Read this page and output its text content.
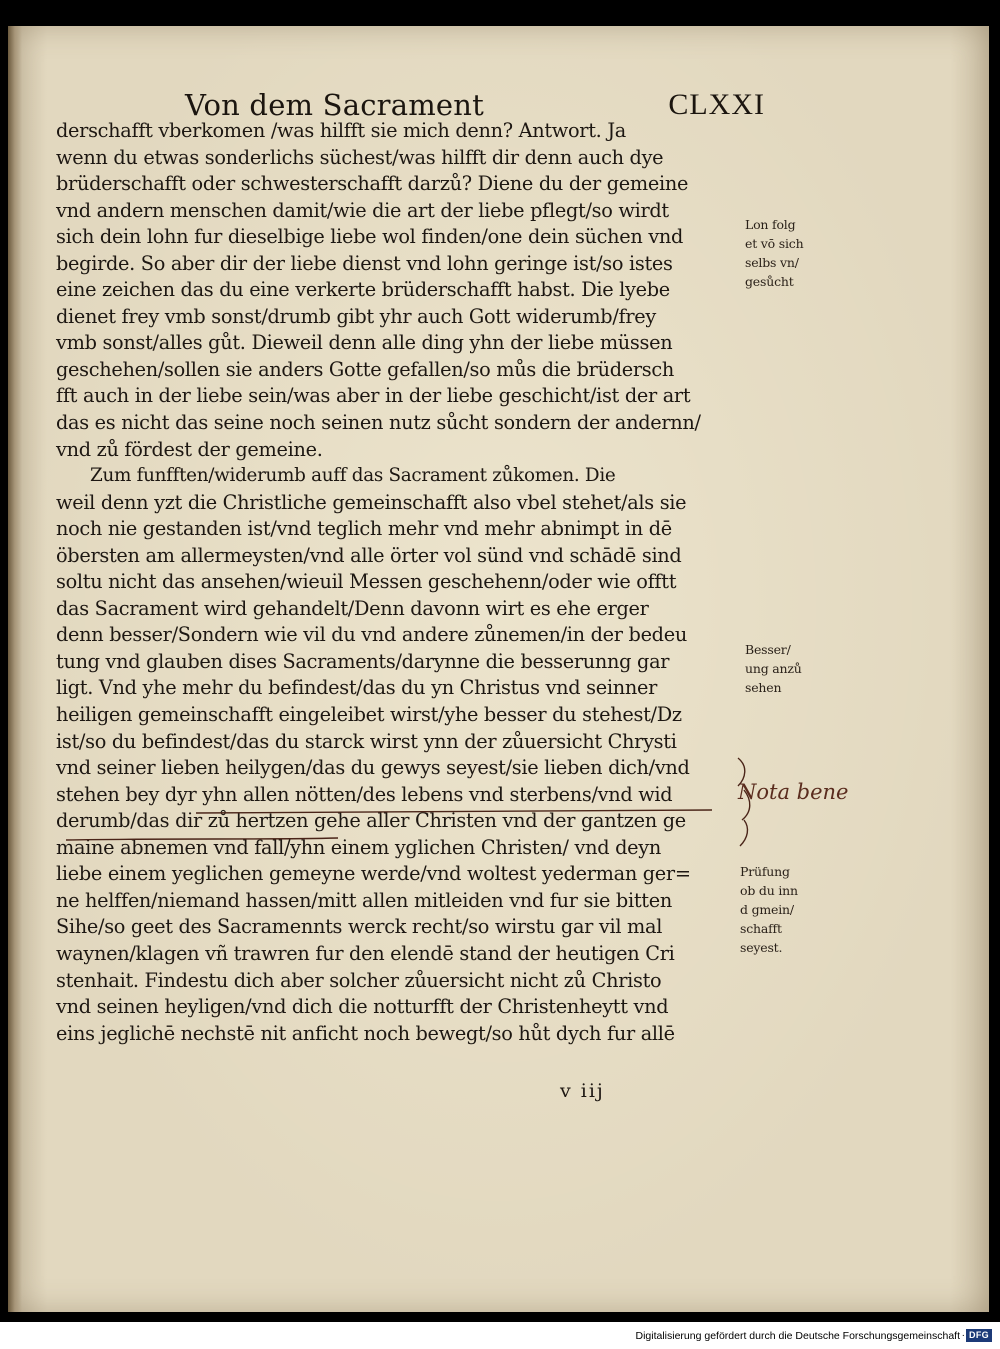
Von dem Sacrament	CLXXI
derschafft vberkomen /was hilfft sie mich denn? Antwort. Ja
wenn du etwas sonderlichs süchest/was hilfft dir denn auch dye
brüderschafft oder schwesterschafft darzů? Diene du der gemeine
vnd andern menschen damit/wie die art der liebe pflegt/so wirdt
sich dein lohn fur dieselbige liebe wol finden/one dein süchen vnd
begirde. So aber dir der liebe dienst vnd lohn geringe ist/so istes
eine zeichen das du eine verkerte brüderschafft habst. Die lyebe
dienet frey vmb sonst/drumb gibt yhr auch Gott widerumb/frey
vmb sonst/alles gůt. Dieweil denn alle ding yhn der liebe müssen
geschehen/sollen sie anders Gotte gefallen/so můs die brüdersch
fft auch in der liebe sein/was aber in der liebe geschicht/ist der art
das es nicht das seine noch seinen nutz sůcht sondern der andernn/
vnd zů fördest der gemeine.
Zum funfften/widerumb auff das Sacrament zůkomen. Die
weil denn yzt die Christliche gemeinschafft also vbel stehet/als sie
noch nie gestanden ist/vnd teglich mehr vnd mehr abnimpt in dē
öbersten am allermeysten/vnd alle örter vol sünd vnd schādē sind
soltu nicht das ansehen/wieuil Messen geschehenn/oder wie offtt
das Sacrament wird gehandelt/Denn davonn wirt es ehe erger
denn besser/Sondern wie vil du vnd andere zůnemen/in der bedeu
tung vnd glauben dises Sacraments/darynne die besserunng gar
ligt. Vnd yhe mehr du befindest/das du yn Christus vnd seinner
heiligen gemeinschafft eingeleibet wirst/yhe besser du stehest/Dz
ist/so du befindest/das du starck wirst ynn der zůuersicht Chrysti
vnd seiner lieben heilygen/das du gewys seyest/sie lieben dich/vnd
stehen bey dyr yhn allen nötten/des lebens vnd sterbens/vnd wid
derumb/das dir zů hertzen gehe aller Christen vnd der gantzen ge
maine abnemen vnd fall/yhn einem yglichen Christen/ vnd deyn
liebe einem yeglichen gemeyne werde/vnd woltest yederman ger=
ne helffen/niemand hassen/mitt allen mitleiden vnd fur sie bitten
Sihe/so geet des Sacramennts werck recht/so wirstu gar vil mal
waynen/klagen vñ trawren fur den elendē stand der heutigen Cri
stenhait. Findestu dich aber solcher zůuersicht nicht zů Christo
vnd seinen heyligen/vnd dich die notturfft der Christenheytt vnd
eins jeglichē nechstē nit anficht noch bewegt/so hůt dych fur allē
Lon folg
et vō sich
selbs vn/
gesůcht
Besser/
ung anzů
sehen
Prüfung
ob du inn
d gmein/
schafft
seyest.
Nota bene
v iij
Digitalisierung gefördert durch die Deutsche Forschungsgemeinschaft · DFG
